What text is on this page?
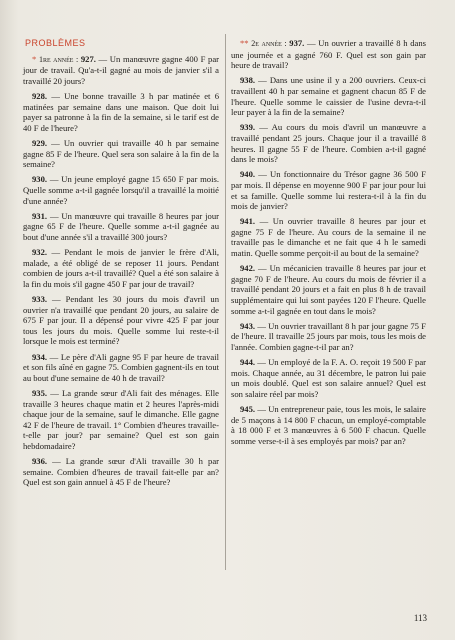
PROBLÈMES

* 1re année : 927. — Un manœuvre gagne 400 F par jour de travail. Qu'a-t-il gagné au mois de janvier s'il a travaillé 20 jours?

928. — Une bonne travaille 3 h par matinée et 6 matinées par semaine dans une maison. Que doit lui payer sa patronne à la fin de la semaine, si le tarif est de 40 F de l'heure?

929. — Un ouvrier qui travaille 40 h par semaine gagne 85 F de l'heure. Quel sera son salaire à la fin de la semaine?

930. — Un jeune employé gagne 15 650 F par mois. Quelle somme a-t-il gagnée lorsqu'il a travaillé la moitié d'une année?

931. — Un manœuvre qui travaille 8 heures par jour gagne 65 F de l'heure. Quelle somme a-t-il gagnée au bout d'une année s'il a travaillé 300 jours?

932. — Pendant le mois de janvier le frère d'Ali, malade, a été obligé de se reposer 11 jours. Pendant combien de jours a-t-il travaillé? Quel a été son salaire à la fin du mois s'il gagne 450 F par jour de travail?

933. — Pendant les 30 jours du mois d'avril un ouvrier n'a travaillé que pendant 20 jours, au salaire de 675 F par jour. Il a dépensé pour vivre 425 F par jour tous les jours du mois. Quelle somme lui reste-t-il lorsque le mois est terminé?

934. — Le père d'Ali gagne 95 F par heure de travail et son fils aîné en gagne 75. Combien gagnent-ils en tout au bout d'une semaine de 40 h de travail?

935. — La grande sœur d'Ali fait des ménages. Elle travaille 3 heures chaque matin et 2 heures l'après-midi chaque jour de la semaine, sauf le dimanche. Elle gagne 42 F de l'heure de travail. 1° Combien d'heures travaille-t-elle par jour? par semaine? Quel est son gain hebdomadaire?

936. — La grande sœur d'Ali travaille 30 h par semaine. Combien d'heures de travail fait-elle par an? Quel est son gain annuel à 45 F de l'heure?

** 2e année : 937. — Un ouvrier a travaillé 8 h dans une journée et a gagné 760 F. Quel est son gain par heure de travail?

938. — Dans une usine il y a 200 ouvriers. Ceux-ci travaillent 40 h par semaine et gagnent chacun 85 F de l'heure. Quelle somme le caissier de l'usine devra-t-il leur payer à la fin de la semaine?

939. — Au cours du mois d'avril un manœuvre a travaillé pendant 25 jours. Chaque jour il a travaillé 8 heures. Il gagne 55 F de l'heure. Combien a-t-il gagné dans le mois?

940. — Un fonctionnaire du Trésor gagne 36 500 F par mois. Il dépense en moyenne 900 F par jour pour lui et sa famille. Quelle somme lui restera-t-il à la fin du mois de janvier?

941. — Un ouvrier travaille 8 heures par jour et gagne 75 F de l'heure. Au cours de la semaine il ne travaille pas le dimanche et ne fait que 4 h le samedi matin. Quelle somme perçoit-il au bout de la semaine?

942. — Un mécanicien travaille 8 heures par jour et gagne 70 F de l'heure. Au cours du mois de février il a travaillé pendant 20 jours et a fait en plus 8 h de travail supplémentaire qui lui sont payées 120 F l'heure. Quelle somme a-t-il gagnée en tout dans le mois?

943. — Un ouvrier travaillant 8 h par jour gagne 75 F de l'heure. Il travaille 25 jours par mois, tous les mois de l'année. Combien gagne-t-il par an?

944. — Un employé de la F. A. O. reçoit 19 500 F par mois. Chaque année, au 31 décembre, le patron lui paie un mois doublé. Quel est son salaire annuel? Quel est son salaire réel par mois?

945. — Un entrepreneur paie, tous les mois, le salaire de 5 maçons à 14 800 F chacun, un employé-comptable à 18 000 F et 3 manœuvres à 6 500 F chacun. Quelle somme verse-t-il à ses employés par mois? par an?

113
